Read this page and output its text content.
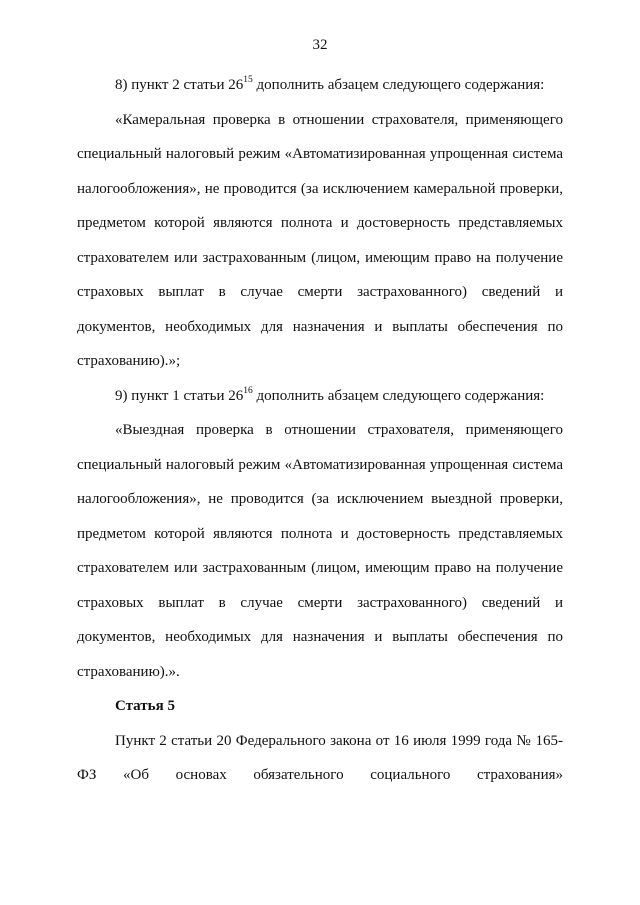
32

8) пункт 2 статьи $26^{15}$ дополнить абзацем следующего содержания:

«Камеральная проверка в отношении страхователя, применяющего специальный налоговый режим «Автоматизированная упрощенная система налогообложения», не проводится (за исключением камеральной проверки, предметом которой являются полнота и достоверность представляемых страхователем или застрахованным (лицом, имеющим право на получение страховых выплат в случае смерти застрахованного) сведений и документов, необходимых для назначения и выплаты обеспечения по страхованию).»;

9) пункт 1 статьи $26^{16}$ дополнить абзацем следующего содержания:

«Выездная проверка в отношении страхователя, применяющего специальный налоговый режим «Автоматизированная упрощенная система налогообложения», не проводится (за исключением выездной проверки, предметом которой являются полнота и достоверность представляемых страхователем или застрахованным (лицом, имеющим право на получение страховых выплат в случае смерти застрахованного) сведений и документов, необходимых для назначения и выплаты обеспечения по страхованию).».

Статья 5

Пункт 2 статьи 20 Федерального закона от 16 июля 1999 года № 165-ФЗ «Об основах обязательного социального страхования»
